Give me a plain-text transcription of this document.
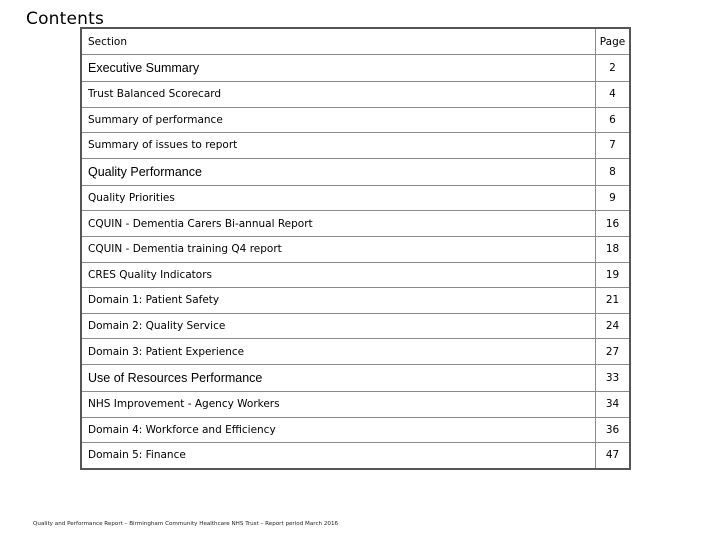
Contents
Section	Page
Executive Summary	2
Trust Balanced Scorecard	4
Summary of performance	6
Summary of issues to report	7
Quality Performance	8
Quality Priorities	9
CQUIN - Dementia Carers Bi-annual Report	16
CQUIN - Dementia training Q4 report	18
CRES Quality Indicators	19
Domain 1: Patient Safety	21
Domain 2: Quality Service	24
Domain 3: Patient Experience	27
Use of Resources Performance	33
NHS Improvement - Agency Workers	34
Domain 4: Workforce and Efficiency	36
Domain 5: Finance	47
Quality and Performance Report – Birmingham Community Healthcare NHS Trust – Report period March 2016
